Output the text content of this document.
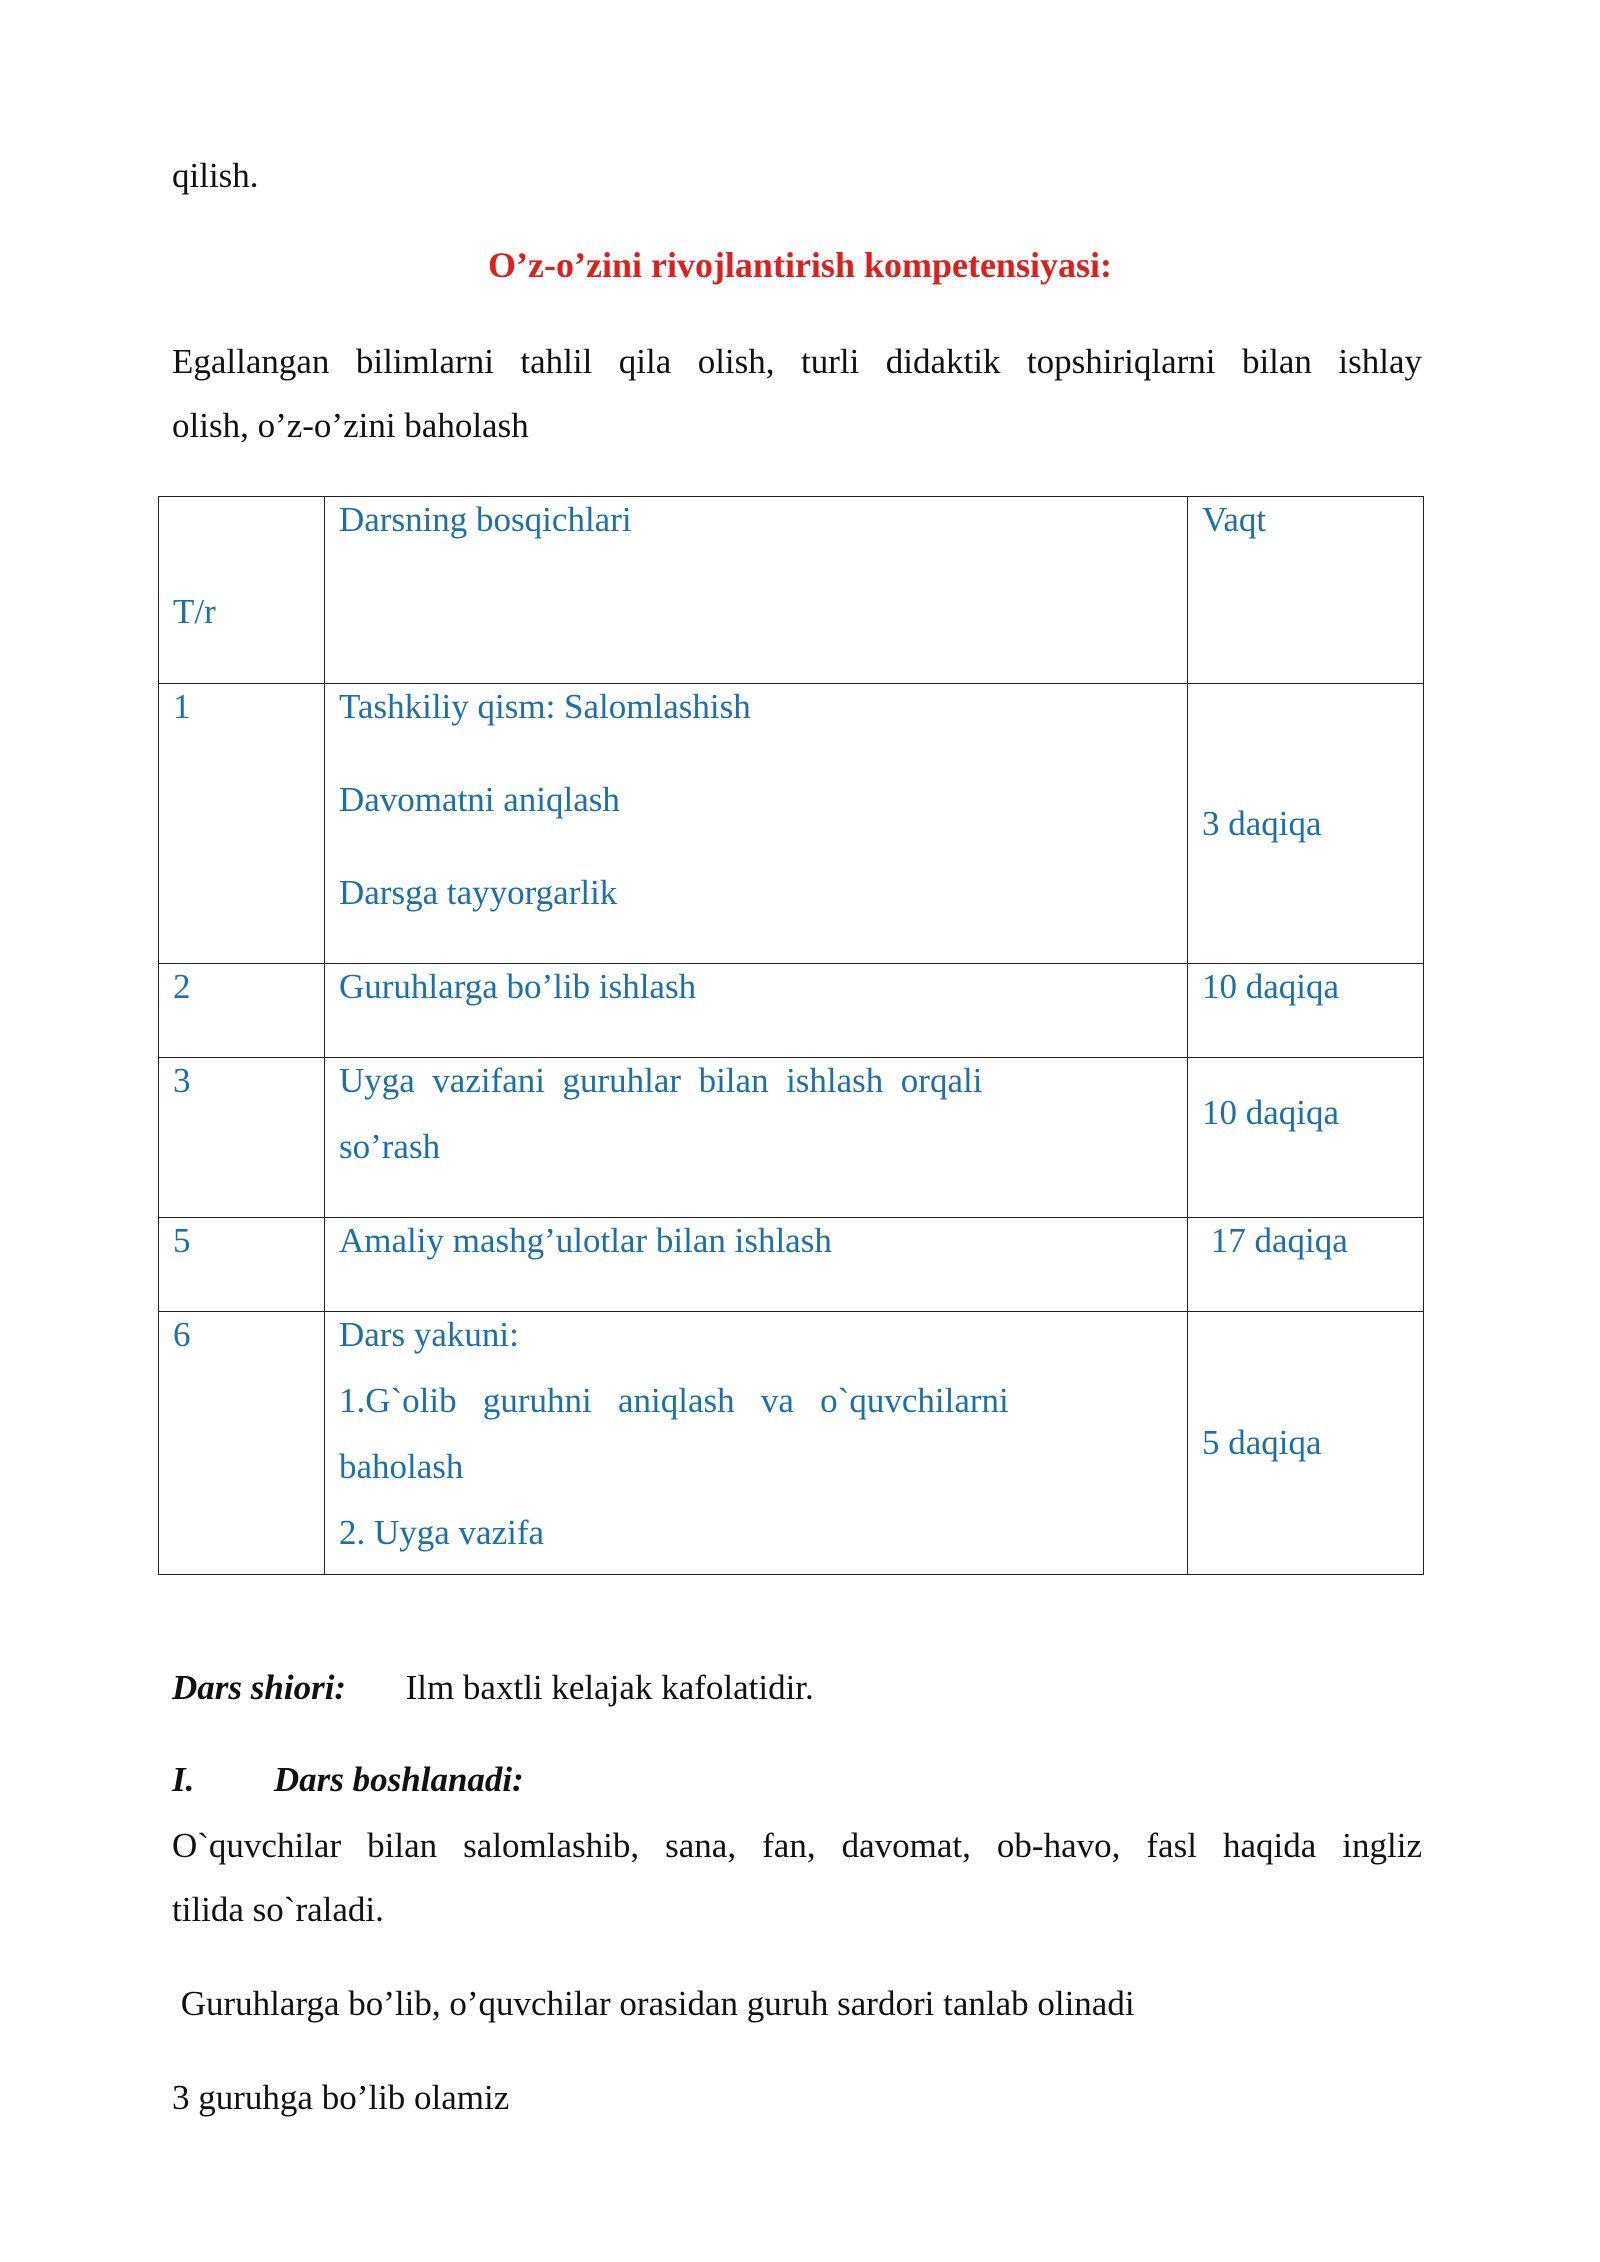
qilish.

O’z-o’zini rivojlantirish kompetensiyasi:

Egallangan bilimlarni tahlil qila olish, turli didaktik topshiriqlarni bilan ishlay

olish, o’z-o’zini baholash

T/r	Darsning bosqichlari	Vaqt

1	Tashkiliy qism: Salomlashish
Davomatni aniqlash
Darsga tayyorgarlik	3 daqiqa

2	Guruhlarga bo’lib ishlash	10 daqiqa

3	Uyga  vazifani  guruhlar  bilan  ishlash  orqali
so’rash	10 daqiqa

5	Amaliy mashg’ulotlar bilan ishlash	17 daqiqa

6	Dars yakuni:
1.G`olib   guruhni   aniqlash   va   o`quvchilarni
baholash
2. Uyga vazifa	5 daqiqa
Dars shiori: Ilm baxtli kelajak kafolatidir.
I. Dars boshlanadi:

O`quvchilar bilan salomlashib, sana, fan, davomat, ob-havo, fasl haqida ingliz

tilida so`raladi.

Guruhlarga bo’lib, o’quvchilar orasidan guruh sardori tanlab olinadi

3 guruhga bo’lib olamiz
